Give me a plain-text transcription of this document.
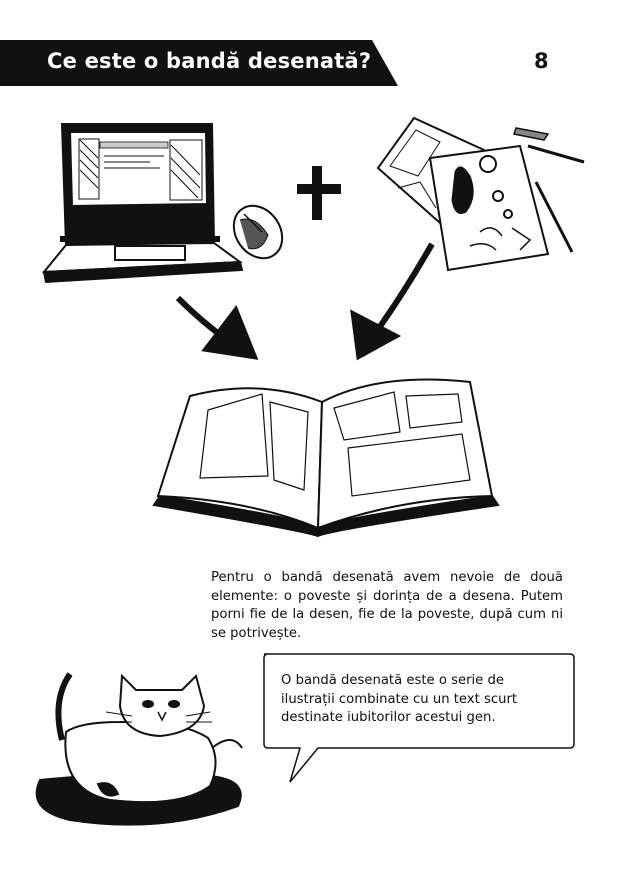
Ce este o bandă desenată?	8
Pentru o bandă desenată avem nevoie de două elemente: o poveste și dorința de a desena. Putem porni fie de la desen, fie de la poveste, după cum ni se potrivește.
O bandă desenată este o serie de ilustrații combinate cu un text scurt destinate iubitorilor acestui gen.
